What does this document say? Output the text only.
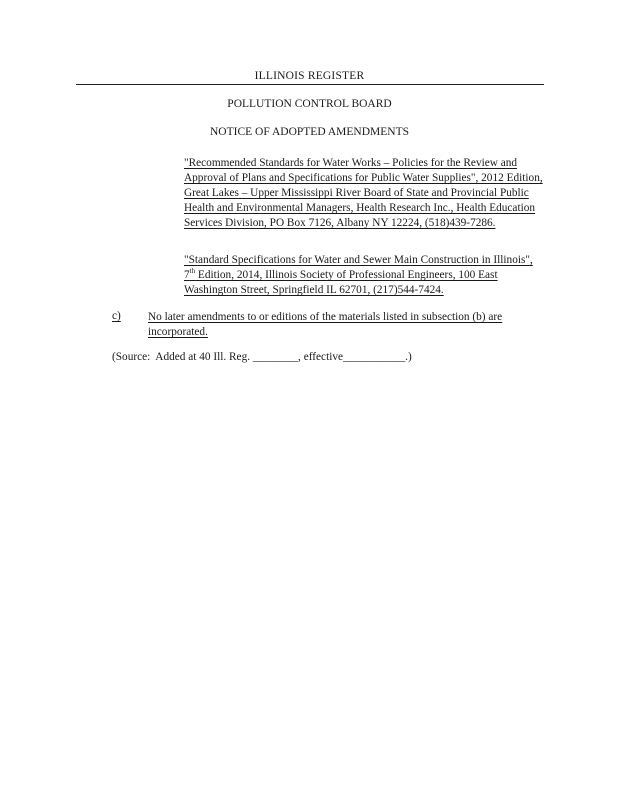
ILLINOIS REGISTER
POLLUTION CONTROL BOARD
NOTICE OF ADOPTED AMENDMENTS
"Recommended Standards for Water Works – Policies for the Review and Approval of Plans and Specifications for Public Water Supplies", 2012 Edition, Great Lakes – Upper Mississippi River Board of State and Provincial Public Health and Environmental Managers, Health Research Inc., Health Education Services Division, PO Box 7126, Albany NY 12224, (518)439-7286.
"Standard Specifications for Water and Sewer Main Construction in Illinois", 7th Edition, 2014, Illinois Society of Professional Engineers, 100 East Washington Street, Springfield IL 62701, (217)544-7424.
c) No later amendments to or editions of the materials listed in subsection (b) are incorporated.
(Source:  Added at 40 Ill. Reg. ________, effective___________.)
